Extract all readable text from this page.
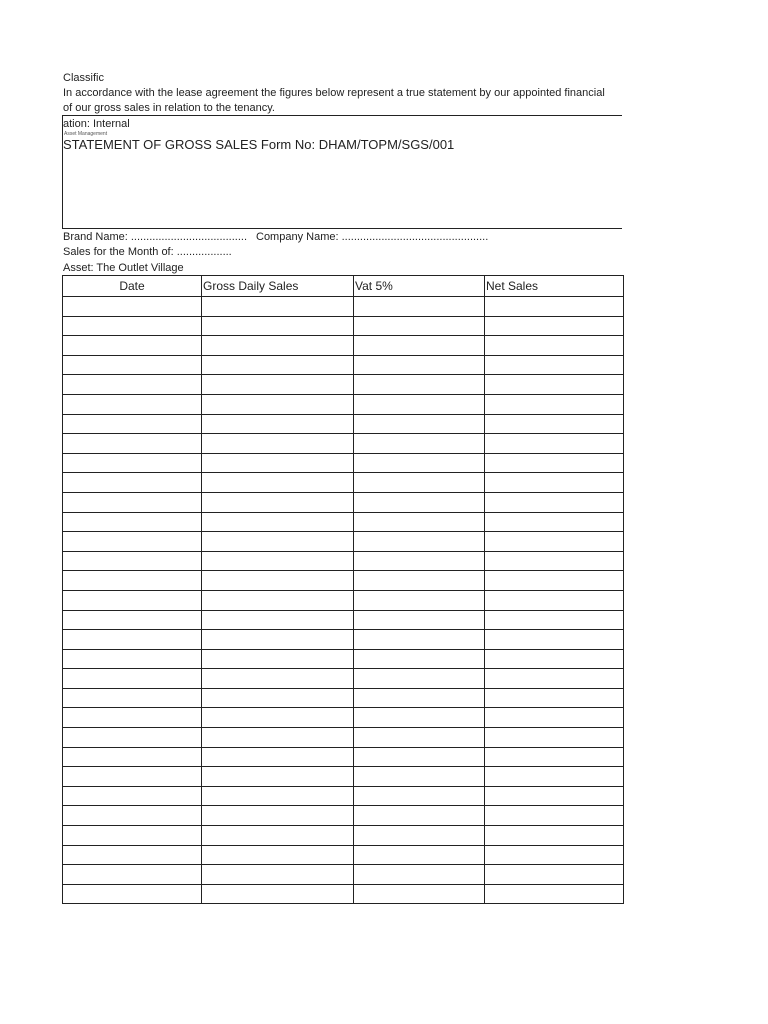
Classific
In accordance with the lease agreement the figures below represent a true statement by our appointed financial
of our gross sales in relation to the tenancy.
ation: Internal
Asset Management
STATEMENT OF GROSS SALES Form No: DHAM/TOPM/SGS/001
Brand Name: ...................................... Company Name: ................................................
Sales for the Month of: ..................
Asset: The Outlet Village
Date	Gross Daily Sales	Vat 5%	Net Sales
